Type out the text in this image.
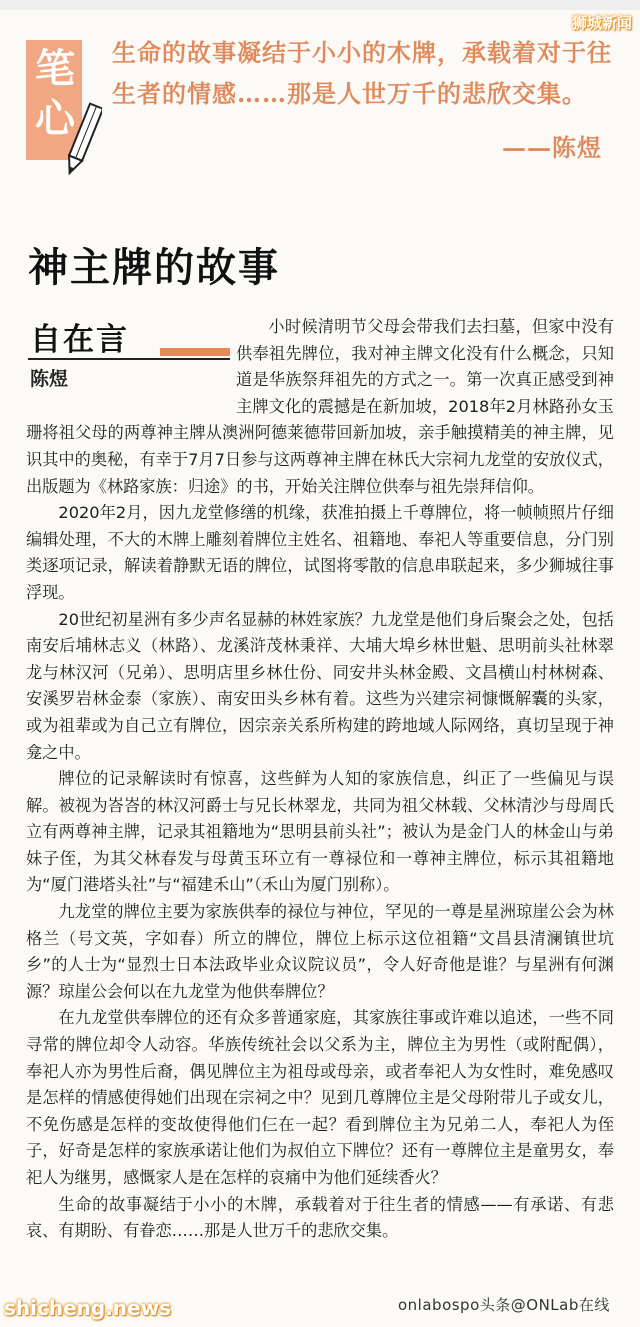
狮城新闻
笔心
生命的故事凝结于小小的木牌，承载着对于往生者的情感……那是人世万千的悲欣交集。
——陈煜
神主牌的故事
自在言
陈煜

小时候清明节父母会带我们去扫墓，但家中没有供奉祖先牌位，我对神主牌文化没有什么概念，只知道是华族祭拜祖先的方式之一。第一次真正感受到神主牌文化的震撼是在新加坡，2018年2月林路孙女玉珊将祖父母的两尊神主牌从澳洲阿德莱德带回新加坡，亲手触摸精美的神主牌，见识其中的奥秘，有幸于7月7日参与这两尊神主牌在林氏大宗祠九龙堂的安放仪式，出版题为《林路家族：归途》的书，开始关注牌位供奉与祖先崇拜信仰。

2020年2月，因九龙堂修缮的机缘，获准拍摄上千尊牌位，将一帧帧照片仔细编辑处理，不大的木牌上雕刻着牌位主姓名、祖籍地、奉祀人等重要信息，分门别类逐项记录，解读着静默无语的牌位，试图将零散的信息串联起来，多少狮城往事浮现。

20世纪初星洲有多少声名显赫的林姓家族？九龙堂是他们身后聚会之处，包括南安后埔林志义（林路）、龙溪浒茂林秉祥、大埔大埠乡林世魁、思明前头社林翠龙与林汉河（兄弟）、思明店里乡林仕份、同安井头林金殿、文昌横山村林树森、安溪罗岩林金泰（家族）、南安田头乡林有着。这些为兴建宗祠慷慨解囊的头家，或为祖辈或为自己立有牌位，因宗亲关系所构建的跨地域人际网络，真切呈现于神龛之中。

牌位的记录解读时有惊喜，这些鲜为人知的家族信息，纠正了一些偏见与误解。被视为峇峇的林汉河爵士与兄长林翠龙，共同为祖父林载、父林清沙与母周氏立有两尊神主牌，记录其祖籍地为“思明县前头社”；被认为是金门人的林金山与弟妹子侄，为其父林春发与母黄玉环立有一尊禄位和一尊神主牌位，标示其祖籍地为“厦门港塔头社”与“福建禾山”（禾山为厦门别称）。

九龙堂的牌位主要为家族供奉的禄位与神位，罕见的一尊是星洲琼崖公会为林格兰（号文英，字如春）所立的牌位，牌位上标示这位祖籍“文昌县清澜镇世坑乡”的人士为“显烈士日本法政毕业众议院议员”，令人好奇他是谁？与星洲有何渊源？琼崖公会何以在九龙堂为他供奉牌位？

在九龙堂供奉牌位的还有众多普通家庭，其家族往事或许难以追述，一些不同寻常的牌位却令人动容。华族传统社会以父系为主，牌位主为男性（或附配偶），奉祀人亦为男性后裔，偶见牌位主为祖母或母亲，或者奉祀人为女性时，难免感叹是怎样的情感使得她们出现在宗祠之中？见到几尊牌位主是父母附带儿子或女儿，不免伤感是怎样的变故使得他们仨在一起？看到牌位主为兄弟二人，奉祀人为侄子，好奇是怎样的家族承诺让他们为叔伯立下牌位？还有一尊牌位主是童男女，奉祀人为继男，感慨家人是在怎样的哀痛中为他们延续香火？

生命的故事凝结于小小的木牌，承载着对于往生者的情感——有承诺、有悲哀、有期盼、有眷恋……那是人世万千的悲欣交集。

shicheng.news	onlabospo头条@ONLab在线
